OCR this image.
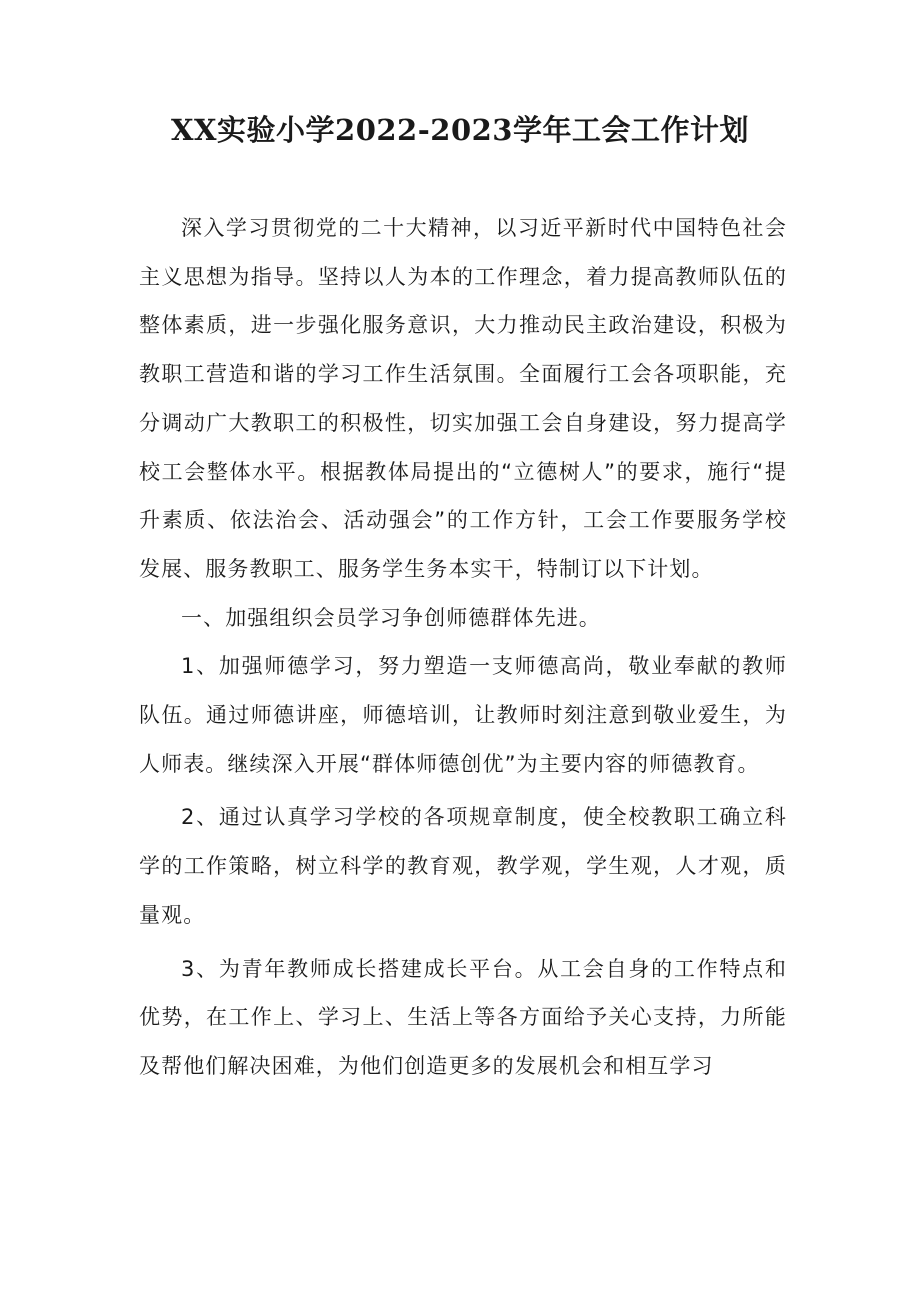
XX实验小学2022-2023学年工会工作计划

深入学习贯彻党的二十大精神，以习近平新时代中国特色社会主义思想为指导。坚持以人为本的工作理念，着力提高教师队伍的整体素质，进一步强化服务意识，大力推动民主政治建设，积极为教职工营造和谐的学习工作生活氛围。全面履行工会各项职能，充分调动广大教职工的积极性，切实加强工会自身建设，努力提高学校工会整体水平。根据教体局提出的“立德树人”的要求，施行“提升素质、依法治会、活动强会”的工作方针，工会工作要服务学校发展、服务教职工、服务学生务本实干，特制订以下计划。

一、加强组织会员学习争创师德群体先进。

1、加强师德学习，努力塑造一支师德高尚，敬业奉献的教师队伍。通过师德讲座，师德培训，让教师时刻注意到敬业爱生，为人师表。继续深入开展“群体师德创优”为主要内容的师德教育。

2、通过认真学习学校的各项规章制度，使全校教职工确立科学的工作策略，树立科学的教育观，教学观，学生观，人才观，质量观。

3、为青年教师成长搭建成长平台。从工会自身的工作特点和优势，在工作上、学习上、生活上等各方面给予关心支持，力所能及帮他们解决困难，为他们创造更多的发展机会和相互学习
